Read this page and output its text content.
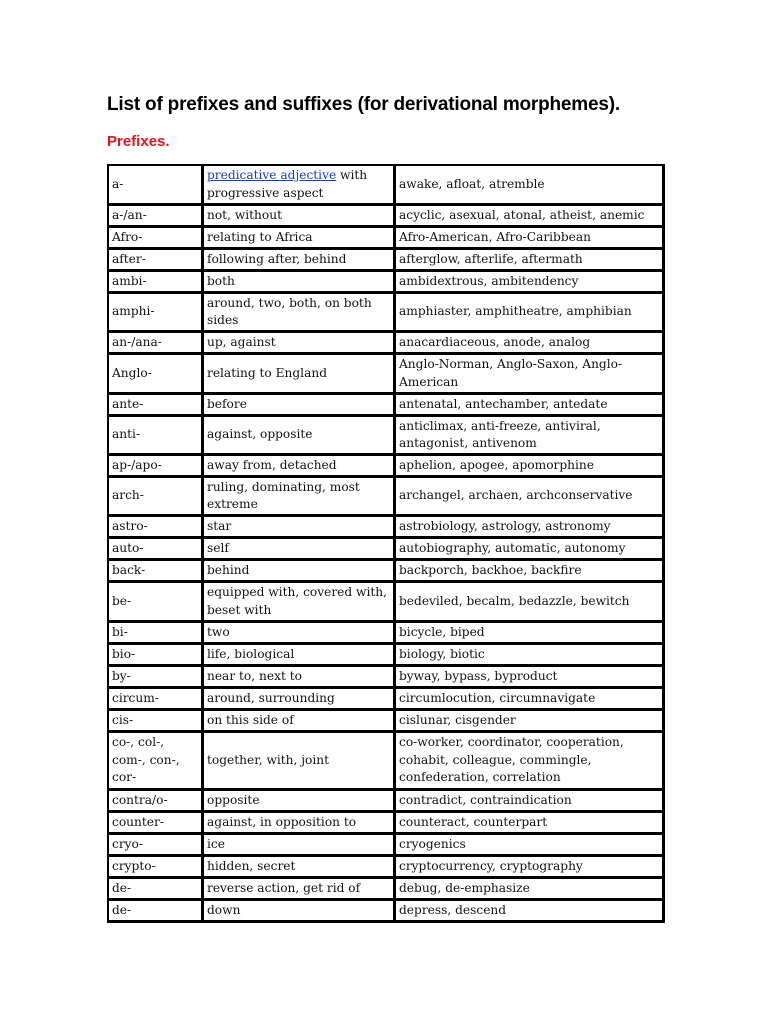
List of prefixes and suffixes (for derivational morphemes).
Prefixes.
a-	predicative adjective with progressive aspect	awake, afloat, atremble
a-/an-	not, without	acyclic, asexual, atonal, atheist, anemic
Afro-	relating to Africa	Afro-American, Afro-Caribbean
after-	following after, behind	afterglow, afterlife, aftermath
ambi-	both	ambidextrous, ambitendency
amphi-	around, two, both, on both sides	amphiaster, amphitheatre, amphibian
an-/ana-	up, against	anacardiaceous, anode, analog
Anglo-	relating to England	Anglo-Norman, Anglo-Saxon, Anglo-American
ante-	before	antenatal, antechamber, antedate
anti-	against, opposite	anticlimax, anti-freeze, antiviral, antagonist, antivenom
ap-/apo-	away from, detached	aphelion, apogee, apomorphine
arch-	ruling, dominating, most extreme	archangel, archaen, archconservative
astro-	star	astrobiology, astrology, astronomy
auto-	self	autobiography, automatic, autonomy
back-	behind	backporch, backhoe, backfire
be-	equipped with, covered with, beset with	bedeviled, becalm, bedazzle, bewitch
bi-	two	bicycle, biped
bio-	life, biological	biology, biotic
by-	near to, next to	byway, bypass, byproduct
circum-	around, surrounding	circumlocution, circumnavigate
cis-	on this side of	cislunar, cisgender
co-, col-, com-, con-, cor-	together, with, joint	co-worker, coordinator, cooperation, cohabit, colleague, commingle, confederation, correlation
contra/o-	opposite	contradict, contraindication
counter-	against, in opposition to	counteract, counterpart
cryo-	ice	cryogenics
crypto-	hidden, secret	cryptocurrency, cryptography
de-	reverse action, get rid of	debug, de-emphasize
de-	down	depress, descend
